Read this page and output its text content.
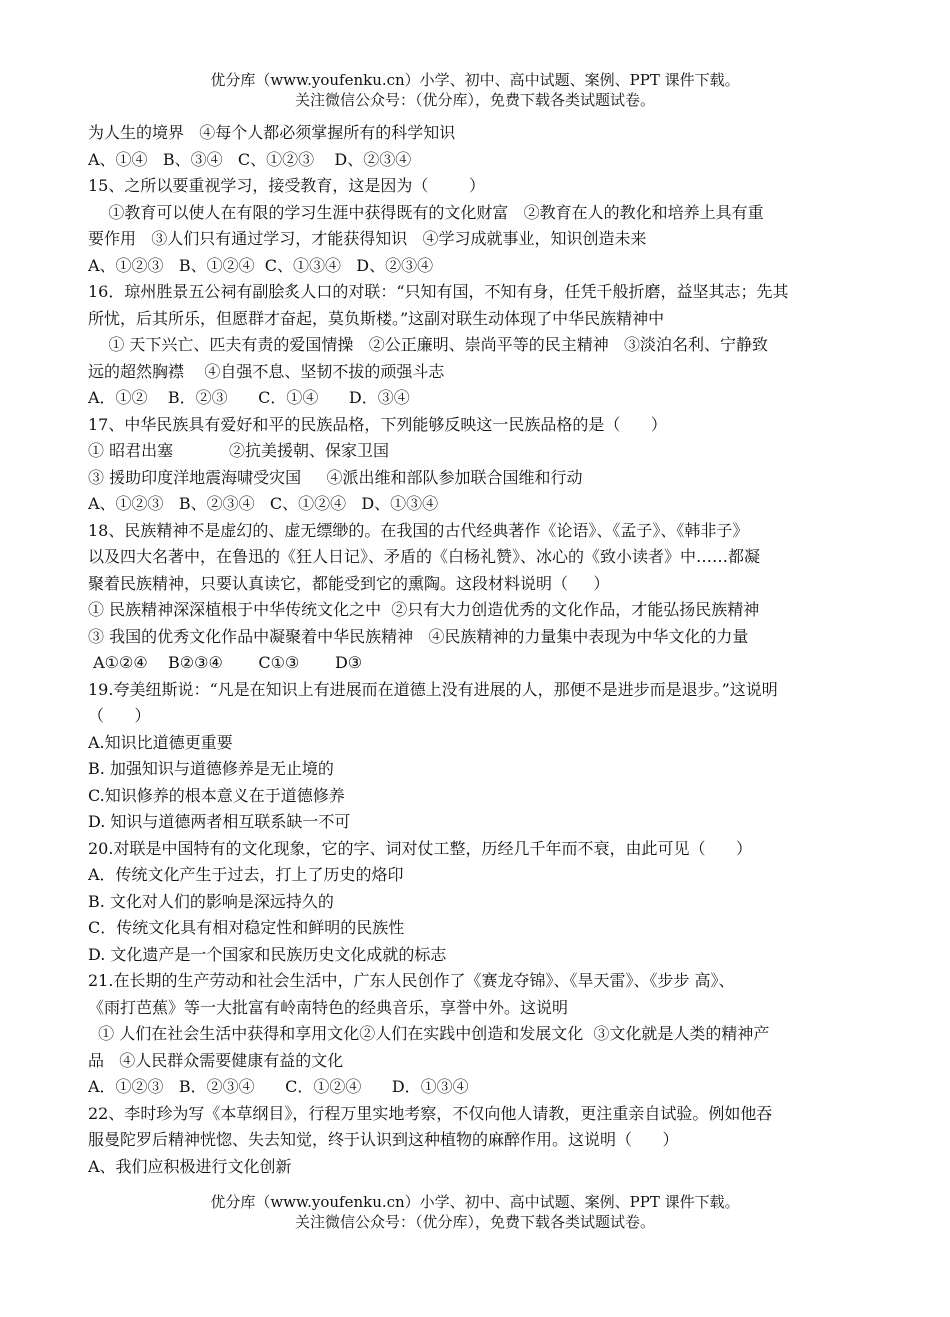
优分库（www.youfenku.cn）小学、初中、高中试题、案例、PPT 课件下载。
关注微信公众号：（优分库），免费下载各类试题试卷。
为人生的境界   ④每个人都必须掌握所有的科学知识
A、①④   B、③④   C、①②③    D、②③④
15、之所以要重视学习，接受教育，这是因为（        ）
①教育可以使人在有限的学习生涯中获得既有的文化财富   ②教育在人的教化和培养上具有重
要作用   ③人们只有通过学习，才能获得知识   ④学习成就事业，知识创造未来
A、①②③   B、①②④  C、①③④   D、②③④
16．琼州胜景五公祠有副脍炙人口的对联：“只知有国，不知有身，任凭千般折磨，益坚其志；先其
所忧，后其所乐，但愿群才奋起，莫负斯楼。”这副对联生动体现了中华民族精神中
① 天下兴亡、匹夫有责的爱国情操   ②公正廉明、崇尚平等的民主精神   ③淡泊名利、宁静致
远的超然胸襟    ④自强不息、坚韧不拔的顽强斗志
A．①②    B．②③      C．①④      D．③④
17、中华民族具有爱好和平的民族品格，下列能够反映这一民族品格的是（      ）
① 昭君出塞           ②抗美援朝、保家卫国
③ 援助印度洋地震海啸受灾国     ④派出维和部队参加联合国维和行动
A、①②③   B、②③④   C、①②④   D、①③④
18、民族精神不是虚幻的、虚无缥缈的。在我国的古代经典著作《论语》、《孟子》、《韩非子》
以及四大名著中，在鲁迅的《狂人日记》、矛盾的《白杨礼赞》、冰心的《致小读者》中……都凝
聚着民族精神，只要认真读它，都能受到它的熏陶。这段材料说明（     ）
① 民族精神深深植根于中华传统文化之中  ②只有大力创造优秀的文化作品，才能弘扬民族精神
③ 我国的优秀文化作品中凝聚着中华民族精神   ④民族精神的力量集中表现为中华文化的力量
A①②④    B②③④       C①③       D③
19.夸美纽斯说：“凡是在知识上有进展而在道德上没有进展的人，那便不是进步而是退步。”这说明
（      ）
A.知识比道德更重要
B. 加强知识与道德修养是无止境的
C.知识修养的根本意义在于道德修养
D. 知识与道德两者相互联系缺一不可
20.对联是中国特有的文化现象，它的字、词对仗工整，历经几千年而不衰，由此可见（      ）
A．传统文化产生于过去，打上了历史的烙印
B. 文化对人们的影响是深远持久的
C．传统文化具有相对稳定性和鲜明的民族性
D. 文化遗产是一个国家和民族历史文化成就的标志
21.在长期的生产劳动和社会生活中，广东人民创作了《赛龙夺锦》、《旱天雷》、《步步 高》、
《雨打芭蕉》等一大批富有岭南特色的经典音乐，享誉中外。这说明
① 人们在社会生活中获得和享用文化②人们在实践中创造和发展文化  ③文化就是人类的精神产
品   ④人民群众需要健康有益的文化
A．①②③   B．②③④      C．①②④      D．①③④
22、李时珍为写《本草纲目》，行程万里实地考察，不仅向他人请教，更注重亲自试验。例如他吞
服曼陀罗后精神恍惚、失去知觉，终于认识到这种植物的麻醉作用。这说明（      ）
A、我们应积极进行文化创新
优分库（www.youfenku.cn）小学、初中、高中试题、案例、PPT 课件下载。
关注微信公众号：（优分库），免费下载各类试题试卷。
